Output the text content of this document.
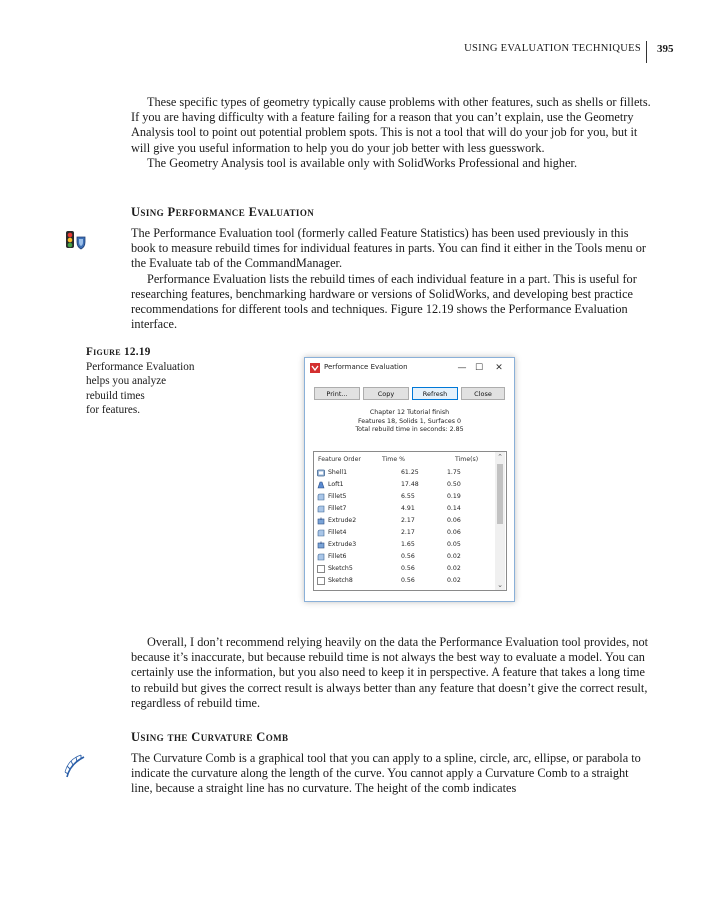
USING EVALUATION TECHNIQUES 395

These specific types of geometry typically cause problems with other features, such as shells or fillets. If you are having difficulty with a feature failing for a reason that you can’t explain, use the Geometry Analysis tool to point out potential problem spots. This is not a tool that will do your job for you, but it will give you useful information to help you do your job better with less guesswork.
The Geometry Analysis tool is available only with SolidWorks Professional and higher.

Using Performance Evaluation

The Performance Evaluation tool (formerly called Feature Statistics) has been used previously in this book to measure rebuild times for individual features in parts. You can find it either in the Tools menu or the Evaluate tab of the CommandManager.
Performance Evaluation lists the rebuild times of each individual feature in a part. This is useful for researching features, benchmarking hardware or versions of SolidWorks, and developing best practice recommendations for different tools and techniques. Figure 12.19 shows the Performance Evaluation interface.

Figure 12.19
Performance Evaluation
helps you analyze
rebuild times
for features.
Performance Evaluation	— ☐	✕
Print...	Copy	Refresh	Close
Chapter 12 Tutorial finish
Features 18, Solids 1, Surfaces 0
Total rebuild time in seconds: 2.85
Feature Order	Time %	Time(s)
Shell1	61.25	1.75
Loft1	17.48	0.50
Fillet5	6.55	0.19
Fillet7	4.91	0.14
Extrude2	2.17	0.06
Fillet4	2.17	0.06
Extrude3	1.65	0.05
Fillet6	0.56	0.02
Sketch5	0.56	0.02
Sketch8	0.56	0.02
⌃
⌄

Overall, I don’t recommend relying heavily on the data the Performance Evaluation tool provides, not because it’s inaccurate, but because rebuild time is not always the best way to evaluate a model. You can certainly use the information, but you also need to keep it in perspective. A feature that takes a long time to rebuild but gives the correct result is always better than any feature that doesn’t give the correct result, regardless of rebuild time.

Using the Curvature Comb

The Curvature Comb is a graphical tool that you can apply to a spline, circle, arc, ellipse, or parabola to indicate the curvature along the length of the curve. You cannot apply a Curvature Comb to a straight line, because a straight line has no curvature. The height of the comb indicates
